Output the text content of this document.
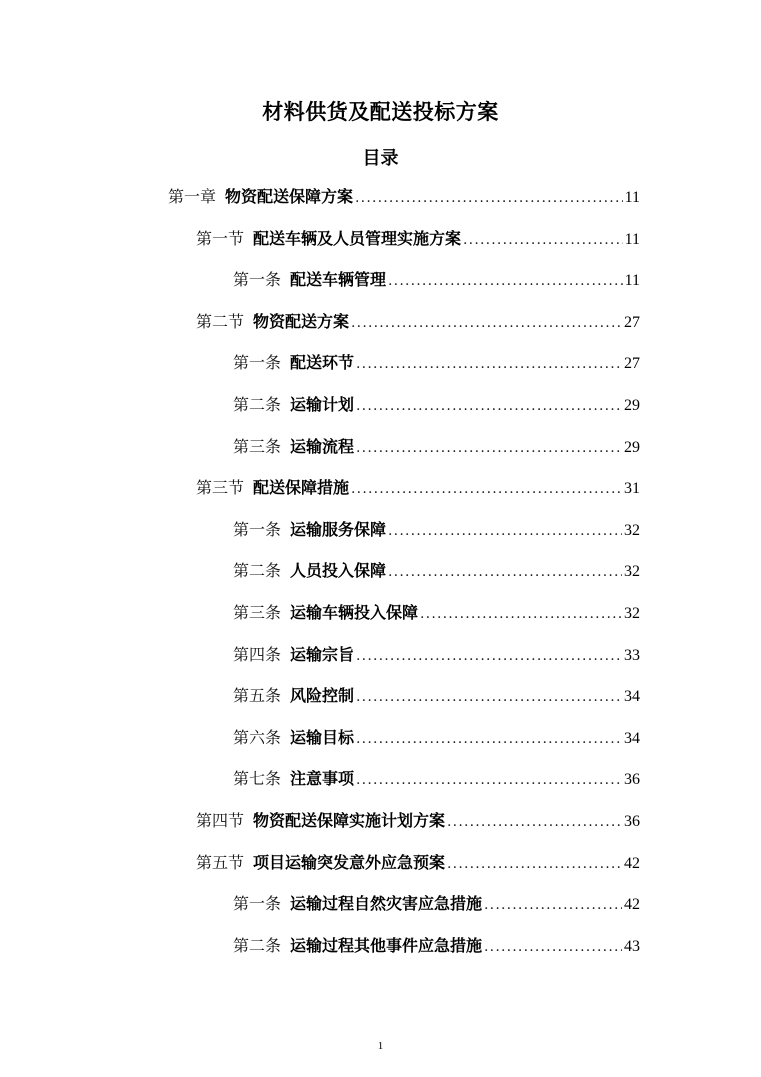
材料供货及配送投标方案
目录
第一章 物资配送保障方案 .....	11
第一节 配送车辆及人员管理实施方案 .....	11
第一条 配送车辆管理 .....	11
第二节 物资配送方案 .....	27
第一条 配送环节 .....	27
第二条 运输计划 .....	29
第三条 运输流程 .....	29
第三节 配送保障措施 .....	31
第一条 运输服务保障 .....	32
第二条 人员投入保障 .....	32
第三条 运输车辆投入保障 .....	32
第四条 运输宗旨 .....	33
第五条 风险控制 .....	34
第六条 运输目标 .....	34
第七条 注意事项 .....	36
第四节 物资配送保障实施计划方案 .....	36
第五节 项目运输突发意外应急预案 .....	42
第一条 运输过程自然灾害应急措施 .....	42
第二条 运输过程其他事件应急措施 .....	43
1
